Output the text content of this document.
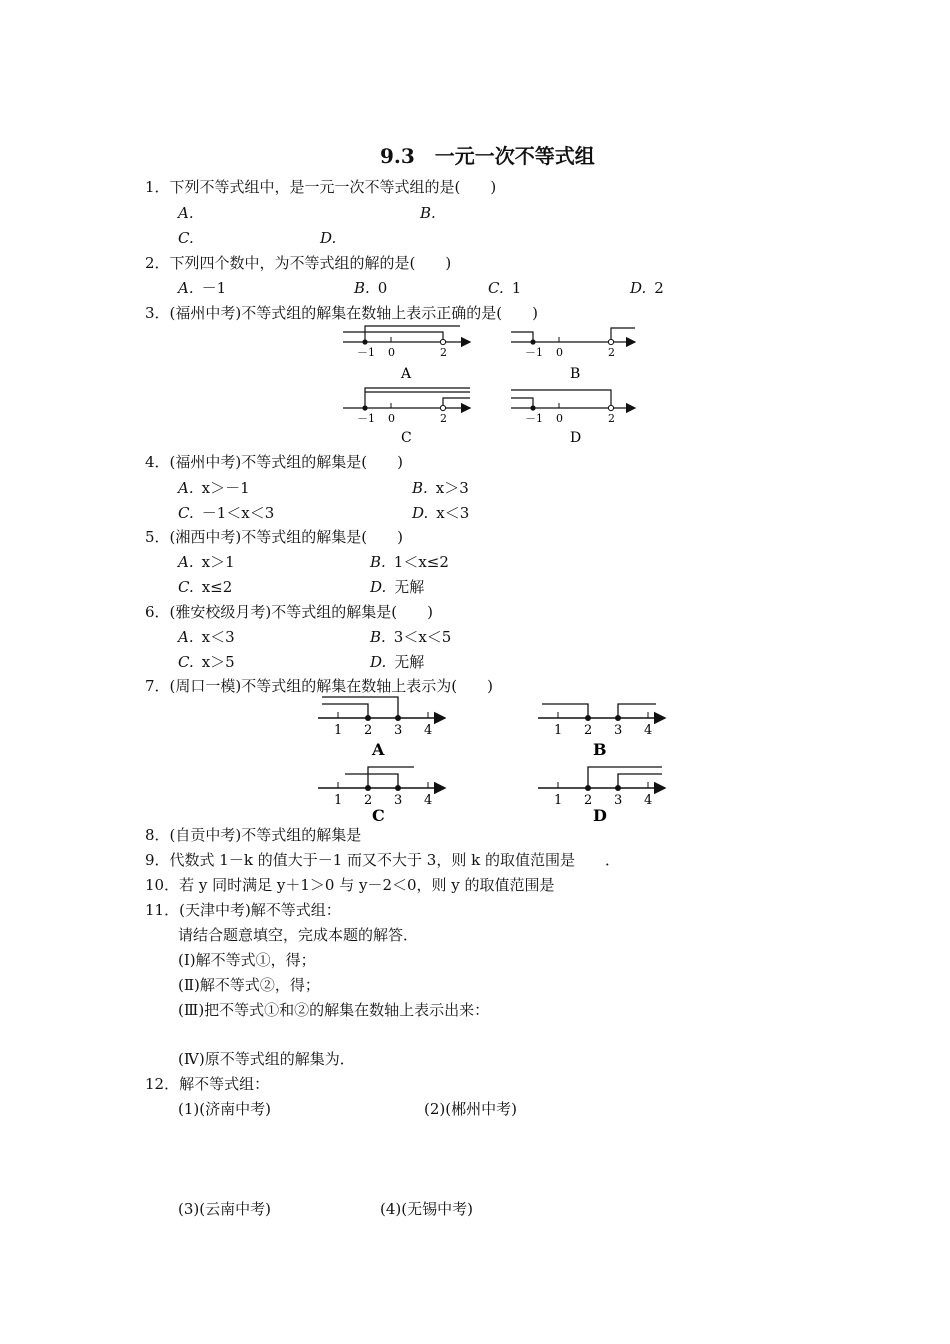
9.3　一元一次不等式组
1．下列不等式组中，是一元一次不等式组的是(　　)
A.	B.
C.	D.
2．下列四个数中，为不等式组的解的是(　　)
A. －1	B. 0	C. 1	D. 2
3．(福州中考)不等式组的解集在数轴上表示正确的是(　　)
－1 0	2
A
－1 0	2
B
－1 0	2
C
－1 0	2
D
4．(福州中考)不等式组的解集是(　　)
A. x＞－1	B. x＞3
C. －1＜x＜3	D. x＜3
5．(湘西中考)不等式组的解集是(　　)
A. x＞1	B. 1＜x≤2
C. x≤2	D. 无解
6．(雅安校级月考)不等式组的解集是(　　)
A. x＜3	B. 3＜x＜5
C. x＞5	D. 无解
7．(周口一模)不等式组的解集在数轴上表示为(　　)
1 2 3 4
A
1 2 3 4
B
1 2 3 4
C
1 2 3 4
D
8．(自贡中考)不等式组的解集是
9．代数式 1－k 的值大于－1 而又不大于 3，则 k 的取值范围是　　．
10．若 y 同时满足 y＋1＞0 与 y－2＜0，则 y 的取值范围是
11．(天津中考)解不等式组：
请结合题意填空，完成本题的解答．
(Ⅰ)解不等式①，得；
(Ⅱ)解不等式②，得；
(Ⅲ)把不等式①和②的解集在数轴上表示出来：
(Ⅳ)原不等式组的解集为．
12．解不等式组：
(1)(济南中考)	(2)(郴州中考)
(3)(云南中考)	(4)(无锡中考)
